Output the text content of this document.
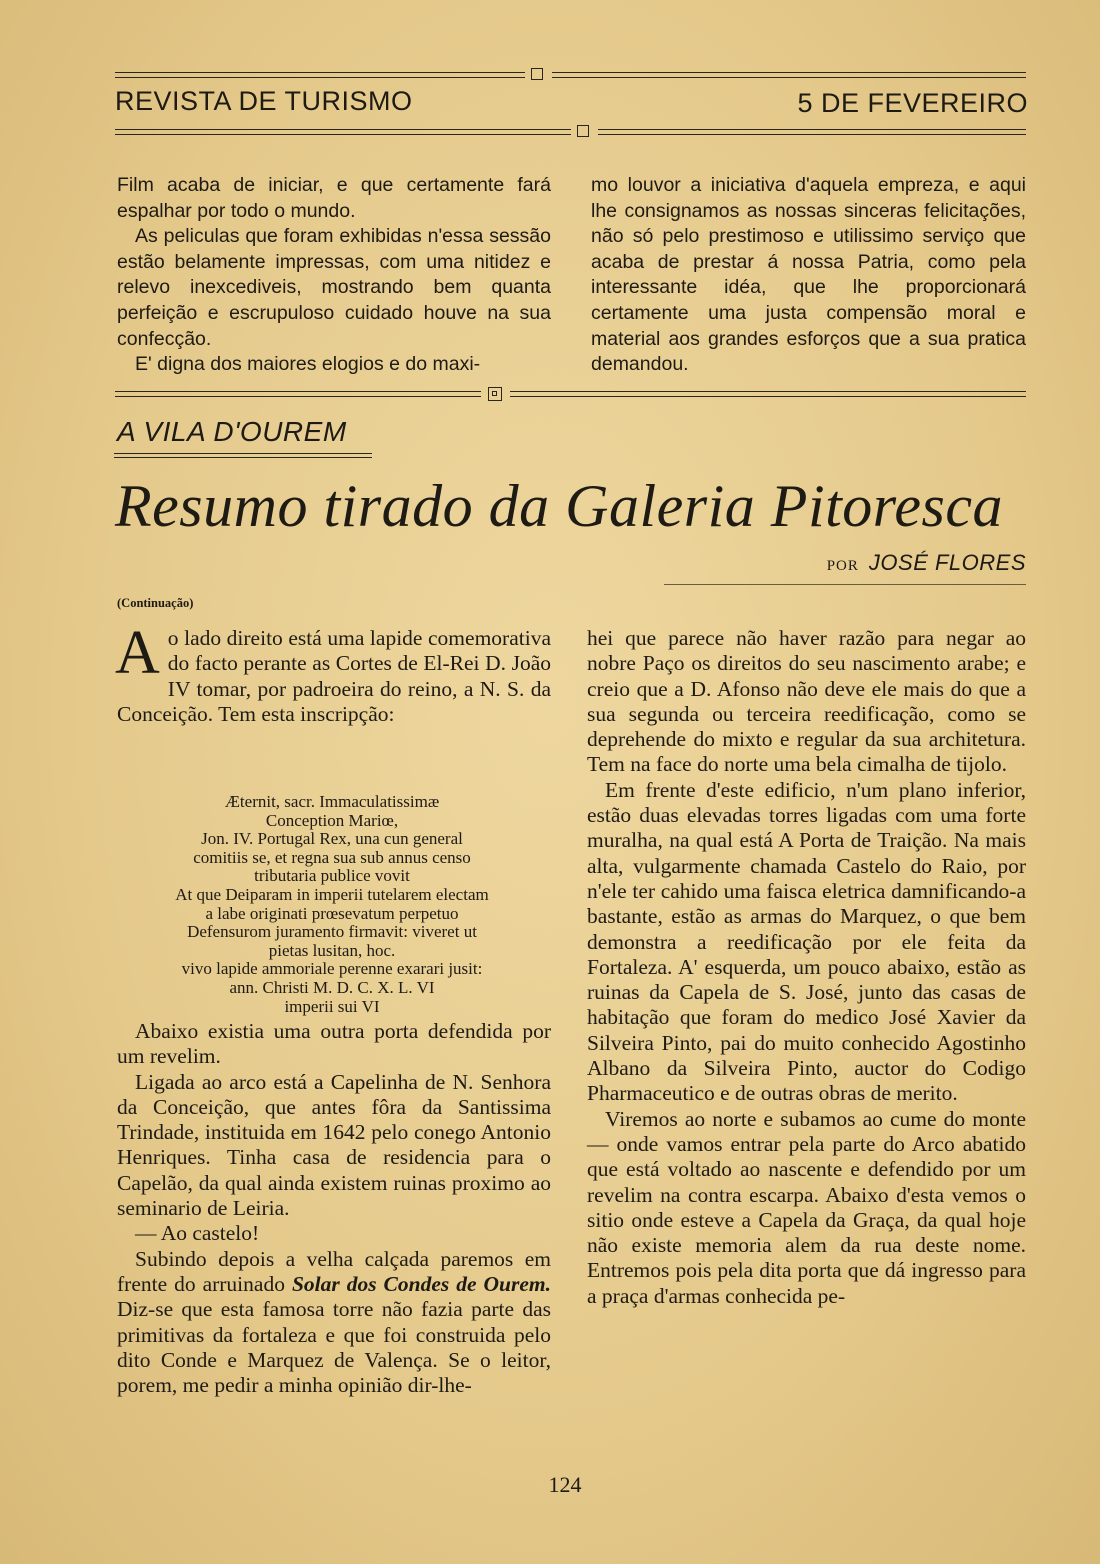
REVISTA DE TURISMO	5 DE FEVEREIRO

Film acaba de iniciar, e que certamente fará espalhar por todo o mundo.

As peliculas que foram exhibidas n'essa sessão estão belamente impressas, com uma nitidez e relevo inexcediveis, mostrando bem quanta perfeição e escrupuloso cuidado houve na sua confecção.

E' digna dos maiores elogios e do maxi-

mo louvor a iniciativa d'aquela empreza, e aqui lhe consignamos as nossas sinceras felicitações, não só pelo prestimoso e utilissimo serviço que acaba de prestar á nossa Patria, como pela interessante idéa, que lhe proporcionará certamente uma justa compensão moral e material aos grandes esforços que a sua pratica demandou.

A VILA D'OUREM
Resumo tirado da Galeria Pitoresca
POR JOSÉ FLORES
(Continuação)

Ao lado direito está uma lapide comemorativa do facto perante as Cortes de El-Rei D. João IV tomar, por padroeira do reino, a N. S. da Conceição. Tem esta inscripção:

Æternit, sacr. Immaculatissimæ
Conception Mariœ,
Jon. IV. Portugal Rex, una cun general
comitiis se, et regna sua sub annus censo
tributaria publice vovit
At que Deiparam in imperii tutelarem electam
a labe originati prœsevatum perpetuo
Defensurom juramento firmavit: viveret ut
pietas lusitan, hoc.
vivo lapide ammoriale perenne exarari jusit:
ann. Christi M. D. C. X. L. VI
imperii sui VI

Abaixo existia uma outra porta defendida por um revelim.

Ligada ao arco está a Capelinha de N. Senhora da Conceição, que antes fôra da Santissima Trindade, instituida em 1642 pelo conego Antonio Henriques. Tinha casa de residencia para o Capelão, da qual ainda existem ruinas proximo ao seminario de Leiria.

— Ao castelo!

Subindo depois a velha calçada paremos em frente do arruinado Solar dos Condes de Ourem. Diz-se que esta famosa torre não fazia parte das primitivas da fortaleza e que foi construida pelo dito Conde e Marquez de Valença. Se o leitor, porem, me pedir a minha opinião dir-lhe-

hei que parece não haver razão para negar ao nobre Paço os direitos do seu nascimento arabe; e creio que a D. Afonso não deve ele mais do que a sua segunda ou terceira reedificação, como se deprehende do mixto e regular da sua architetura. Tem na face do norte uma bela cimalha de tijolo.

Em frente d'este edificio, n'um plano inferior, estão duas elevadas torres ligadas com uma forte muralha, na qual está A Porta de Traição. Na mais alta, vulgarmente chamada Castelo do Raio, por n'ele ter cahido uma faisca eletrica damnificando-a bastante, estão as armas do Marquez, o que bem demonstra a reedificação por ele feita da Fortaleza. A' esquerda, um pouco abaixo, estão as ruinas da Capela de S. José, junto das casas de habitação que foram do medico José Xavier da Silveira Pinto, pai do muito conhecido Agostinho Albano da Silveira Pinto, auctor do Codigo Pharmaceutico e de outras obras de merito.

Viremos ao norte e subamos ao cume do monte— onde vamos entrar pela parte do Arco abatido que está voltado ao nascente e defendido por um revelim na contra escarpa. Abaixo d'esta vemos o sitio onde esteve a Capela da Graça, da qual hoje não existe memoria alem da rua deste nome. Entremos pois pela dita porta que dá ingresso para a praça d'armas conhecida pe-

124
